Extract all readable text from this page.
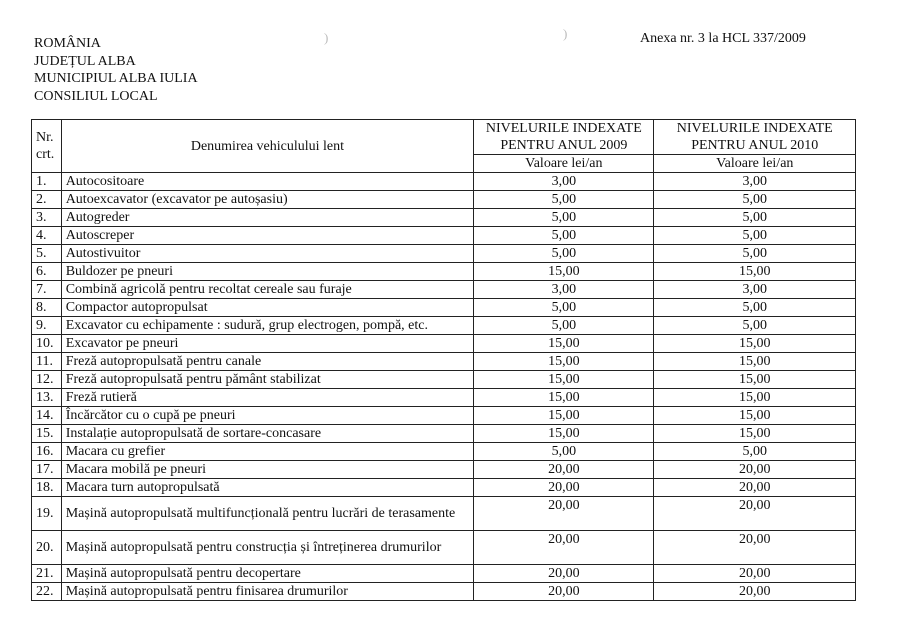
ROMÂNIA
JUDEȚUL ALBA
MUNICIPIUL ALBA IULIA
CONSILIUL LOCAL
Anexa nr. 3 la HCL 337/2009
)	)
Nr. crt.	Denumirea vehiculului lent	NIVELURILE INDEXATE PENTRU ANUL 2009	NIVELURILE INDEXATE PENTRU ANUL 2010
		Valoare lei/an	Valoare lei/an
1.	Autocositoare	3,00	3,00
2.	Autoexcavator (excavator pe autoșasiu)	5,00	5,00
3.	Autogreder	5,00	5,00
4.	Autoscreper	5,00	5,00
5.	Autostivuitor	5,00	5,00
6.	Buldozer pe pneuri	15,00	15,00
7.	Combină agricolă pentru recoltat cereale sau furaje	3,00	3,00
8.	Compactor autopropulsat	5,00	5,00
9.	Excavator cu echipamente : sudură, grup electrogen, pompă, etc.	5,00	5,00
10.	Excavator pe pneuri	15,00	15,00
11.	Freză autopropulsată pentru canale	15,00	15,00
12.	Freză autopropulsată pentru pământ stabilizat	15,00	15,00
13.	Freză rutieră	15,00	15,00
14.	Încărcător cu o cupă pe pneuri	15,00	15,00
15.	Instalație autopropulsată de sortare-concasare	15,00	15,00
16.	Macara cu grefier	5,00	5,00
17.	Macara mobilă pe pneuri	20,00	20,00
18.	Macara turn autopropulsată	20,00	20,00
19.	Mașină autopropulsată multifuncțională pentru lucrări de terasamente	20,00	20,00
20.	Mașină autopropulsată pentru construcția și întreținerea drumurilor	20,00	20,00
21.	Mașină autopropulsată pentru decopertare	20,00	20,00
22.	Mașină autopropulsată pentru finisarea drumurilor	20,00	20,00
